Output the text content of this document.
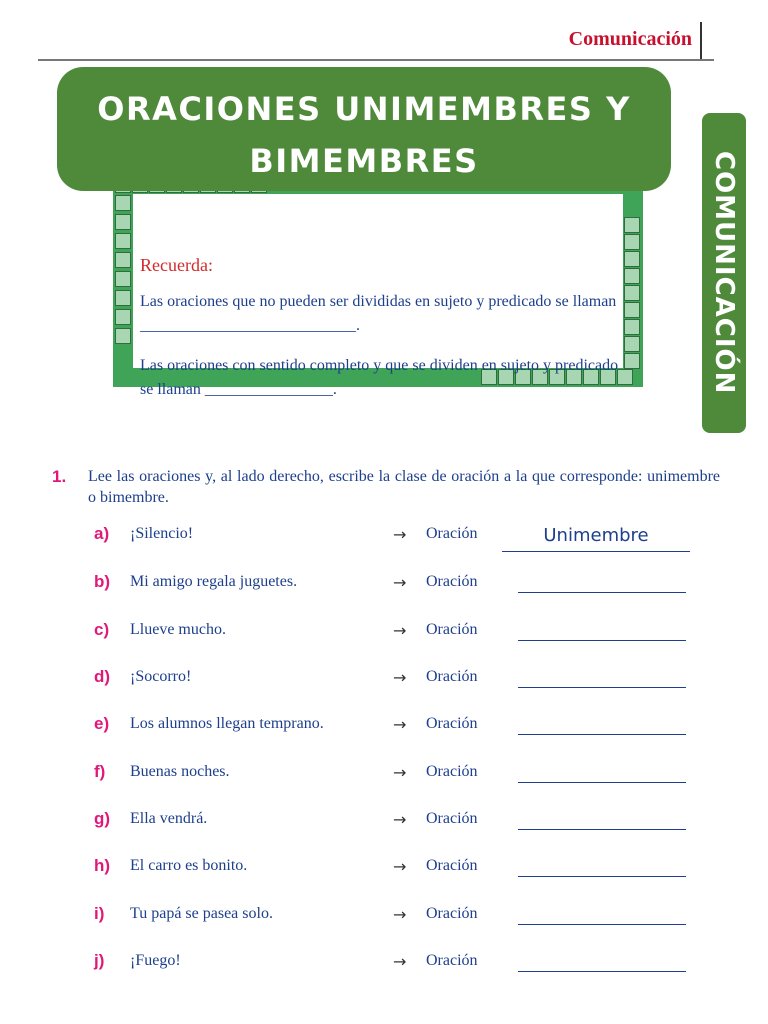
Comunicación
ORACIONES UNIMEMBRES Y
BIMEMBRES	COMUNICACIÓN
Recuerda:
Las oraciones que no pueden ser divididas en sujeto y predicado se llaman ___________________________.
Las oraciones con sentido completo y que se dividen en sujeto y predicado se llaman ________________.
1. Lee las oraciones y, al lado derecho, escribe la clase de oración a la que corresponde: unimembre o bimembre.
a) ¡Silencio!	→ Oración	Unimembre
b) Mi amigo regala juguetes.	→ Oración
c) Llueve mucho.	→ Oración
d) ¡Socorro!	→ Oración
e) Los alumnos llegan temprano.	→ Oración
f) Buenas noches.	→ Oración
g) Ella vendrá.	→ Oración
h) El carro es bonito.	→ Oración
i) Tu papá se pasea solo.	→ Oración
j) ¡Fuego!	→ Oración
